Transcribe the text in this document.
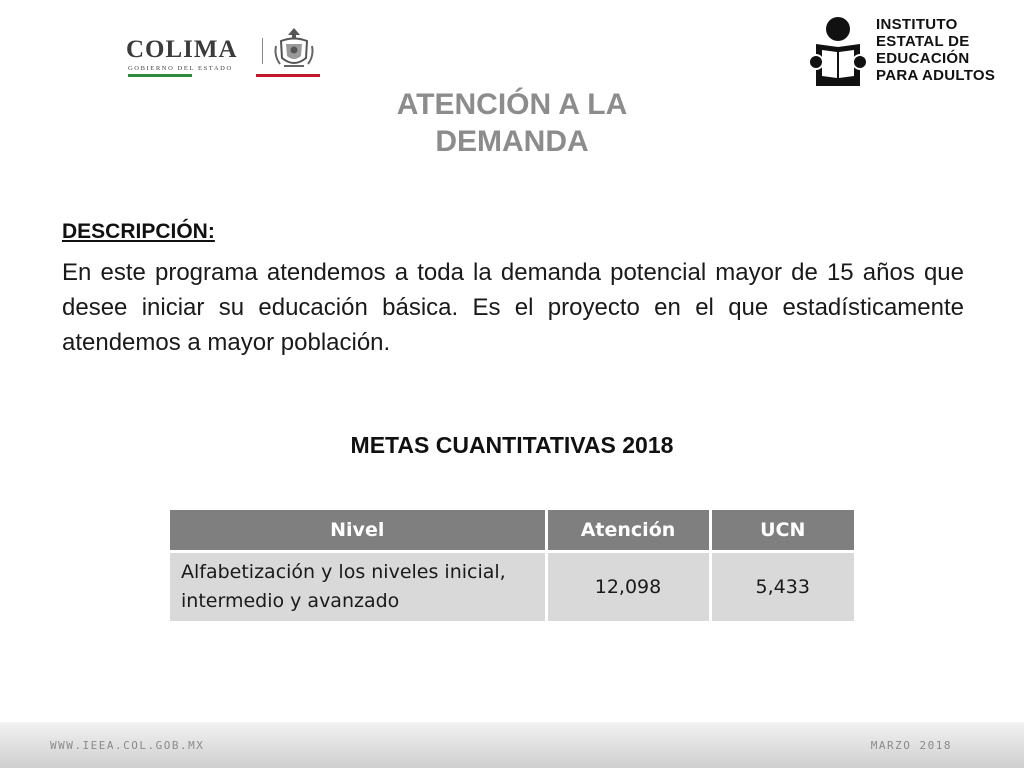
COLIMA
GOBIERNO DEL ESTADO
INSTITUTO
ESTATAL DE
EDUCACIÓN
PARA ADULTOS
ATENCIÓN A LA
DEMANDA
DESCRIPCIÓN:

En este programa atendemos a toda la demanda potencial mayor de 15 años que desee iniciar su educación básica. Es el proyecto en el que estadísticamente atendemos a mayor población.

METAS CUANTITATIVAS 2018
Nivel	Atención	UCN
Alfabetización y los niveles inicial, intermedio y avanzado	12,098	5,433
WWW.IEEA.COL.GOB.MX	MARZO 2018
